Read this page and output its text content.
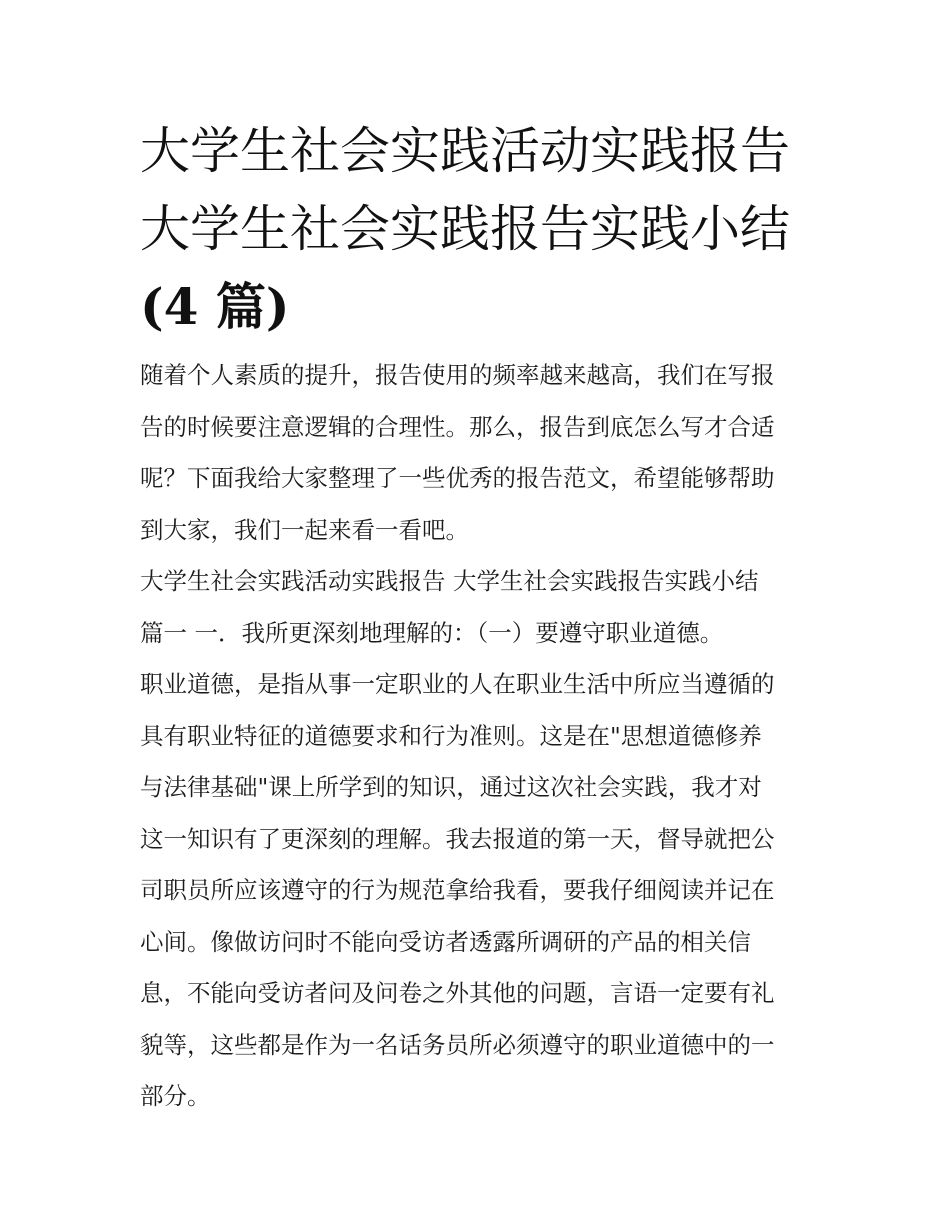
大学生社会实践活动实践报告
大学生社会实践报告实践小结
(4 篇)
随着个人素质的提升，报告使用的频率越来越高，我们在写报
告的时候要注意逻辑的合理性。那么，报告到底怎么写才合适
呢？下面我给大家整理了一些优秀的报告范文，希望能够帮助
到大家，我们一起来看一看吧。
大学生社会实践活动实践报告 大学生社会实践报告实践小结
篇一 一．我所更深刻地理解的：（一）要遵守职业道德。
职业道德，是指从事一定职业的人在职业生活中所应当遵循的
具有职业特征的道德要求和行为准则。这是在"思想道德修养
与法律基础"课上所学到的知识，通过这次社会实践，我才对
这一知识有了更深刻的理解。我去报道的第一天，督导就把公
司职员所应该遵守的行为规范拿给我看，要我仔细阅读并记在
心间。像做访问时不能向受访者透露所调研的产品的相关信
息，不能向受访者问及问卷之外其他的问题，言语一定要有礼
貌等，这些都是作为一名话务员所必须遵守的职业道德中的一
部分。
